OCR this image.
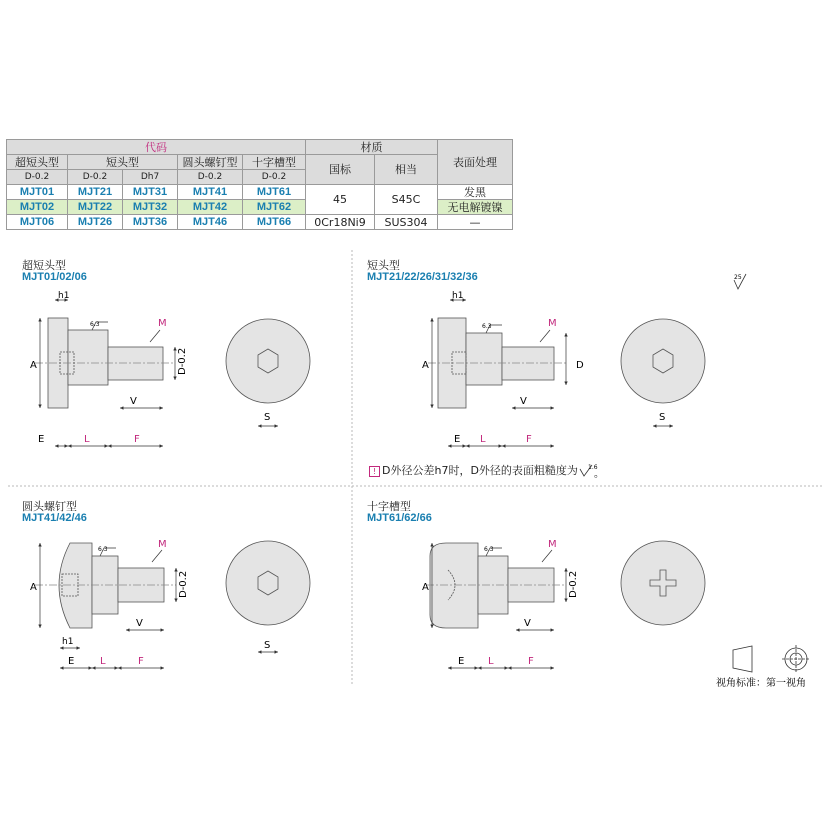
代码					材质		表面处理
超短头型	短头型		圆头螺钉型	十字槽型	国标	相当	
D-0.2	D-0.2	Dh7	D-0.2	D-0.2			
MJT01	MJT21	MJT31	MJT41	MJT61	45	S45C	发黑
MJT02	MJT22	MJT32	MJT42	MJT62			无电解镀镍
MJT06	MJT26	MJT36	MJT46	MJT66	0Cr18Ni9	SUS304	—
超短头型
MJT01/02/06
短头型
MJT21/22/26/31/32/36
圆头螺钉型
MJT41/42/46
十字槽型
MJT61/62/66
! D外径公差h7时，D外径的表面粗糙度为 1.6
。
25
A	D-0.2
M
V
E	L	F
h1
S
6.3
A	D
M
V
E L	F
h1
S
6.3
A	D-0.2
M
V
E	L	F
h1	S
6.3
A	D-0.2
M
V
E L	F
6.3
视角标准：第一视角
